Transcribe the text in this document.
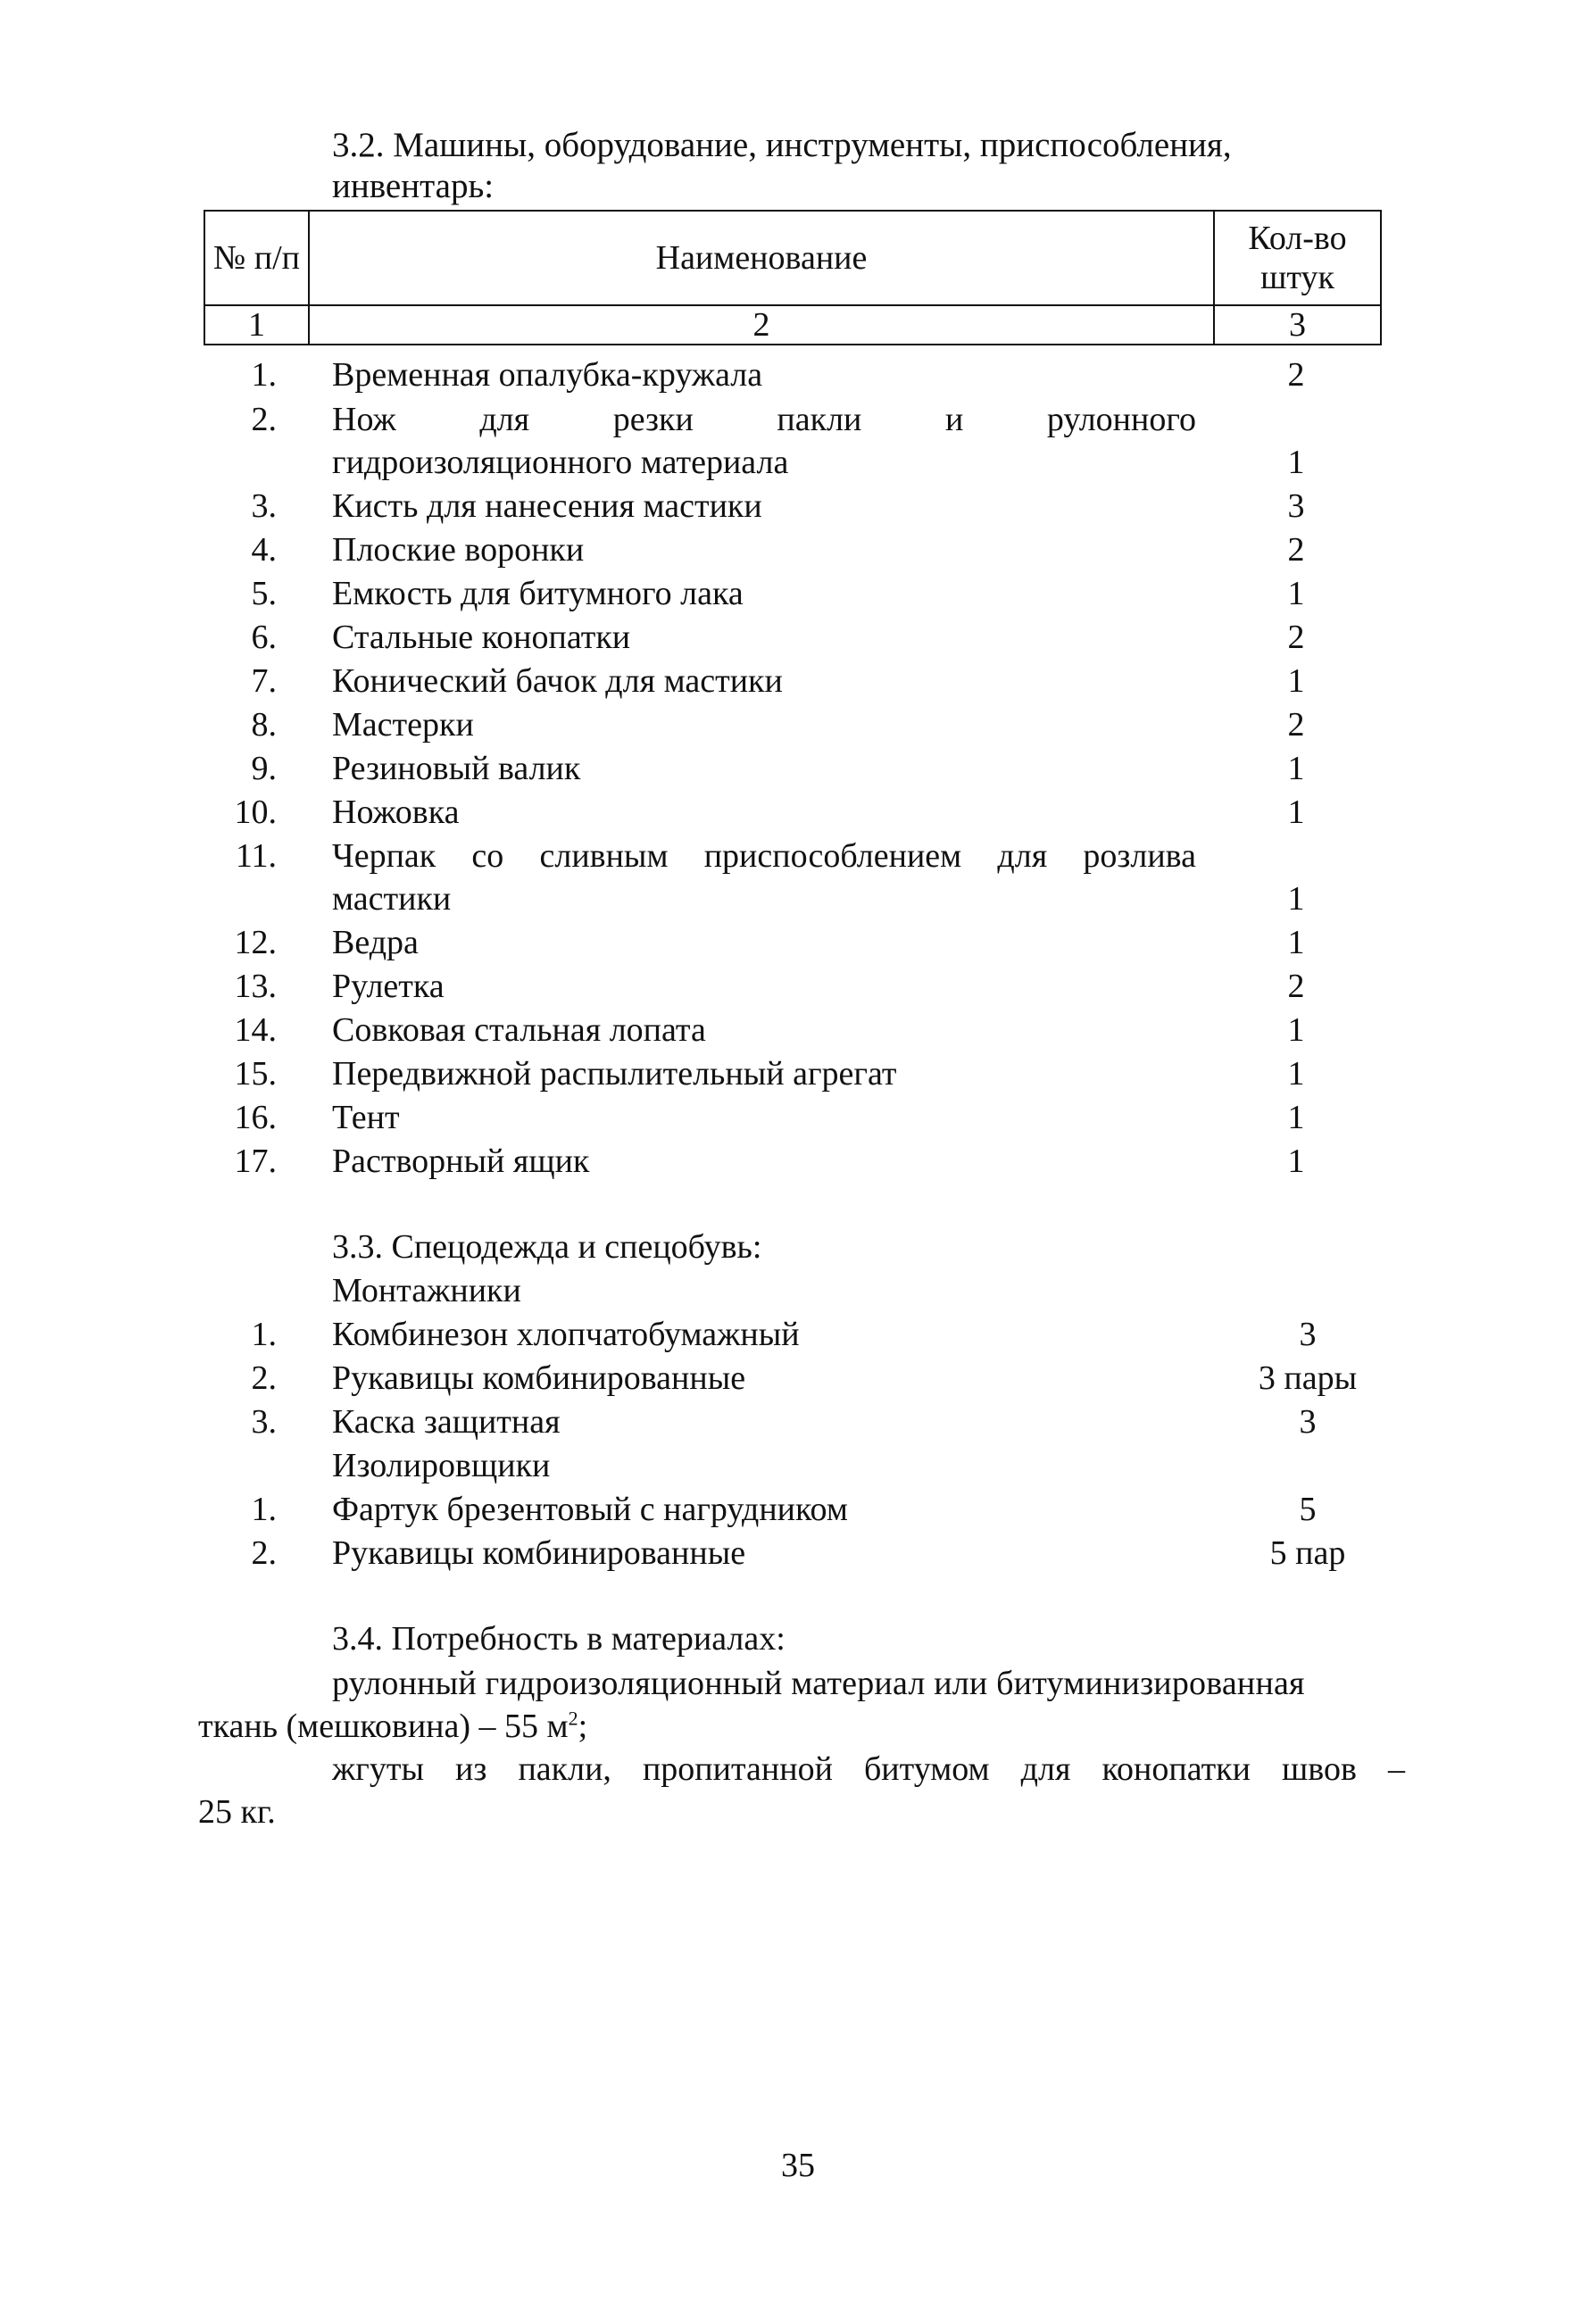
3.2. Машины, оборудование, инструменты, приспособления, инвентарь:
№ п/п	Наименование	Кол-во штук
1	2	3
1. Временная опалубка-кружала	2
2. Нож для резки пакли и рулонного
гидроизоляционного материала	1
3. Кисть для нанесения мастики	3
4. Плоские воронки	2
5. Емкость для битумного лака	1
6. Стальные конопатки	2
7. Конический бачок для мастики	1
8. Мастерки	2
9. Резиновый валик	1
10. Ножовка	1
11. Черпак со сливным приспособлением для розлива
мастики	1
12. Ведра	1
13. Рулетка	2
14. Совковая стальная лопата	1
15. Передвижной распылительный агрегат	1
16. Тент	1
17. Растворный ящик	1
3.3. Спецодежда и спецобувь:
Монтажники
1. Комбинезон хлопчатобумажный	3
2. Рукавицы комбинированные	3 пары
3. Каска защитная	3
Изолировщики
1. Фартук брезентовый с нагрудником	5
2. Рукавицы комбинированные	5 пар
3.4. Потребность в материалах:
рулонный гидроизоляционный материал или битуминизированная
ткань (мешковина) – 55 $м^2$;
жгуты из пакли, пропитанной битумом для конопатки швов –
25 кг.
35
